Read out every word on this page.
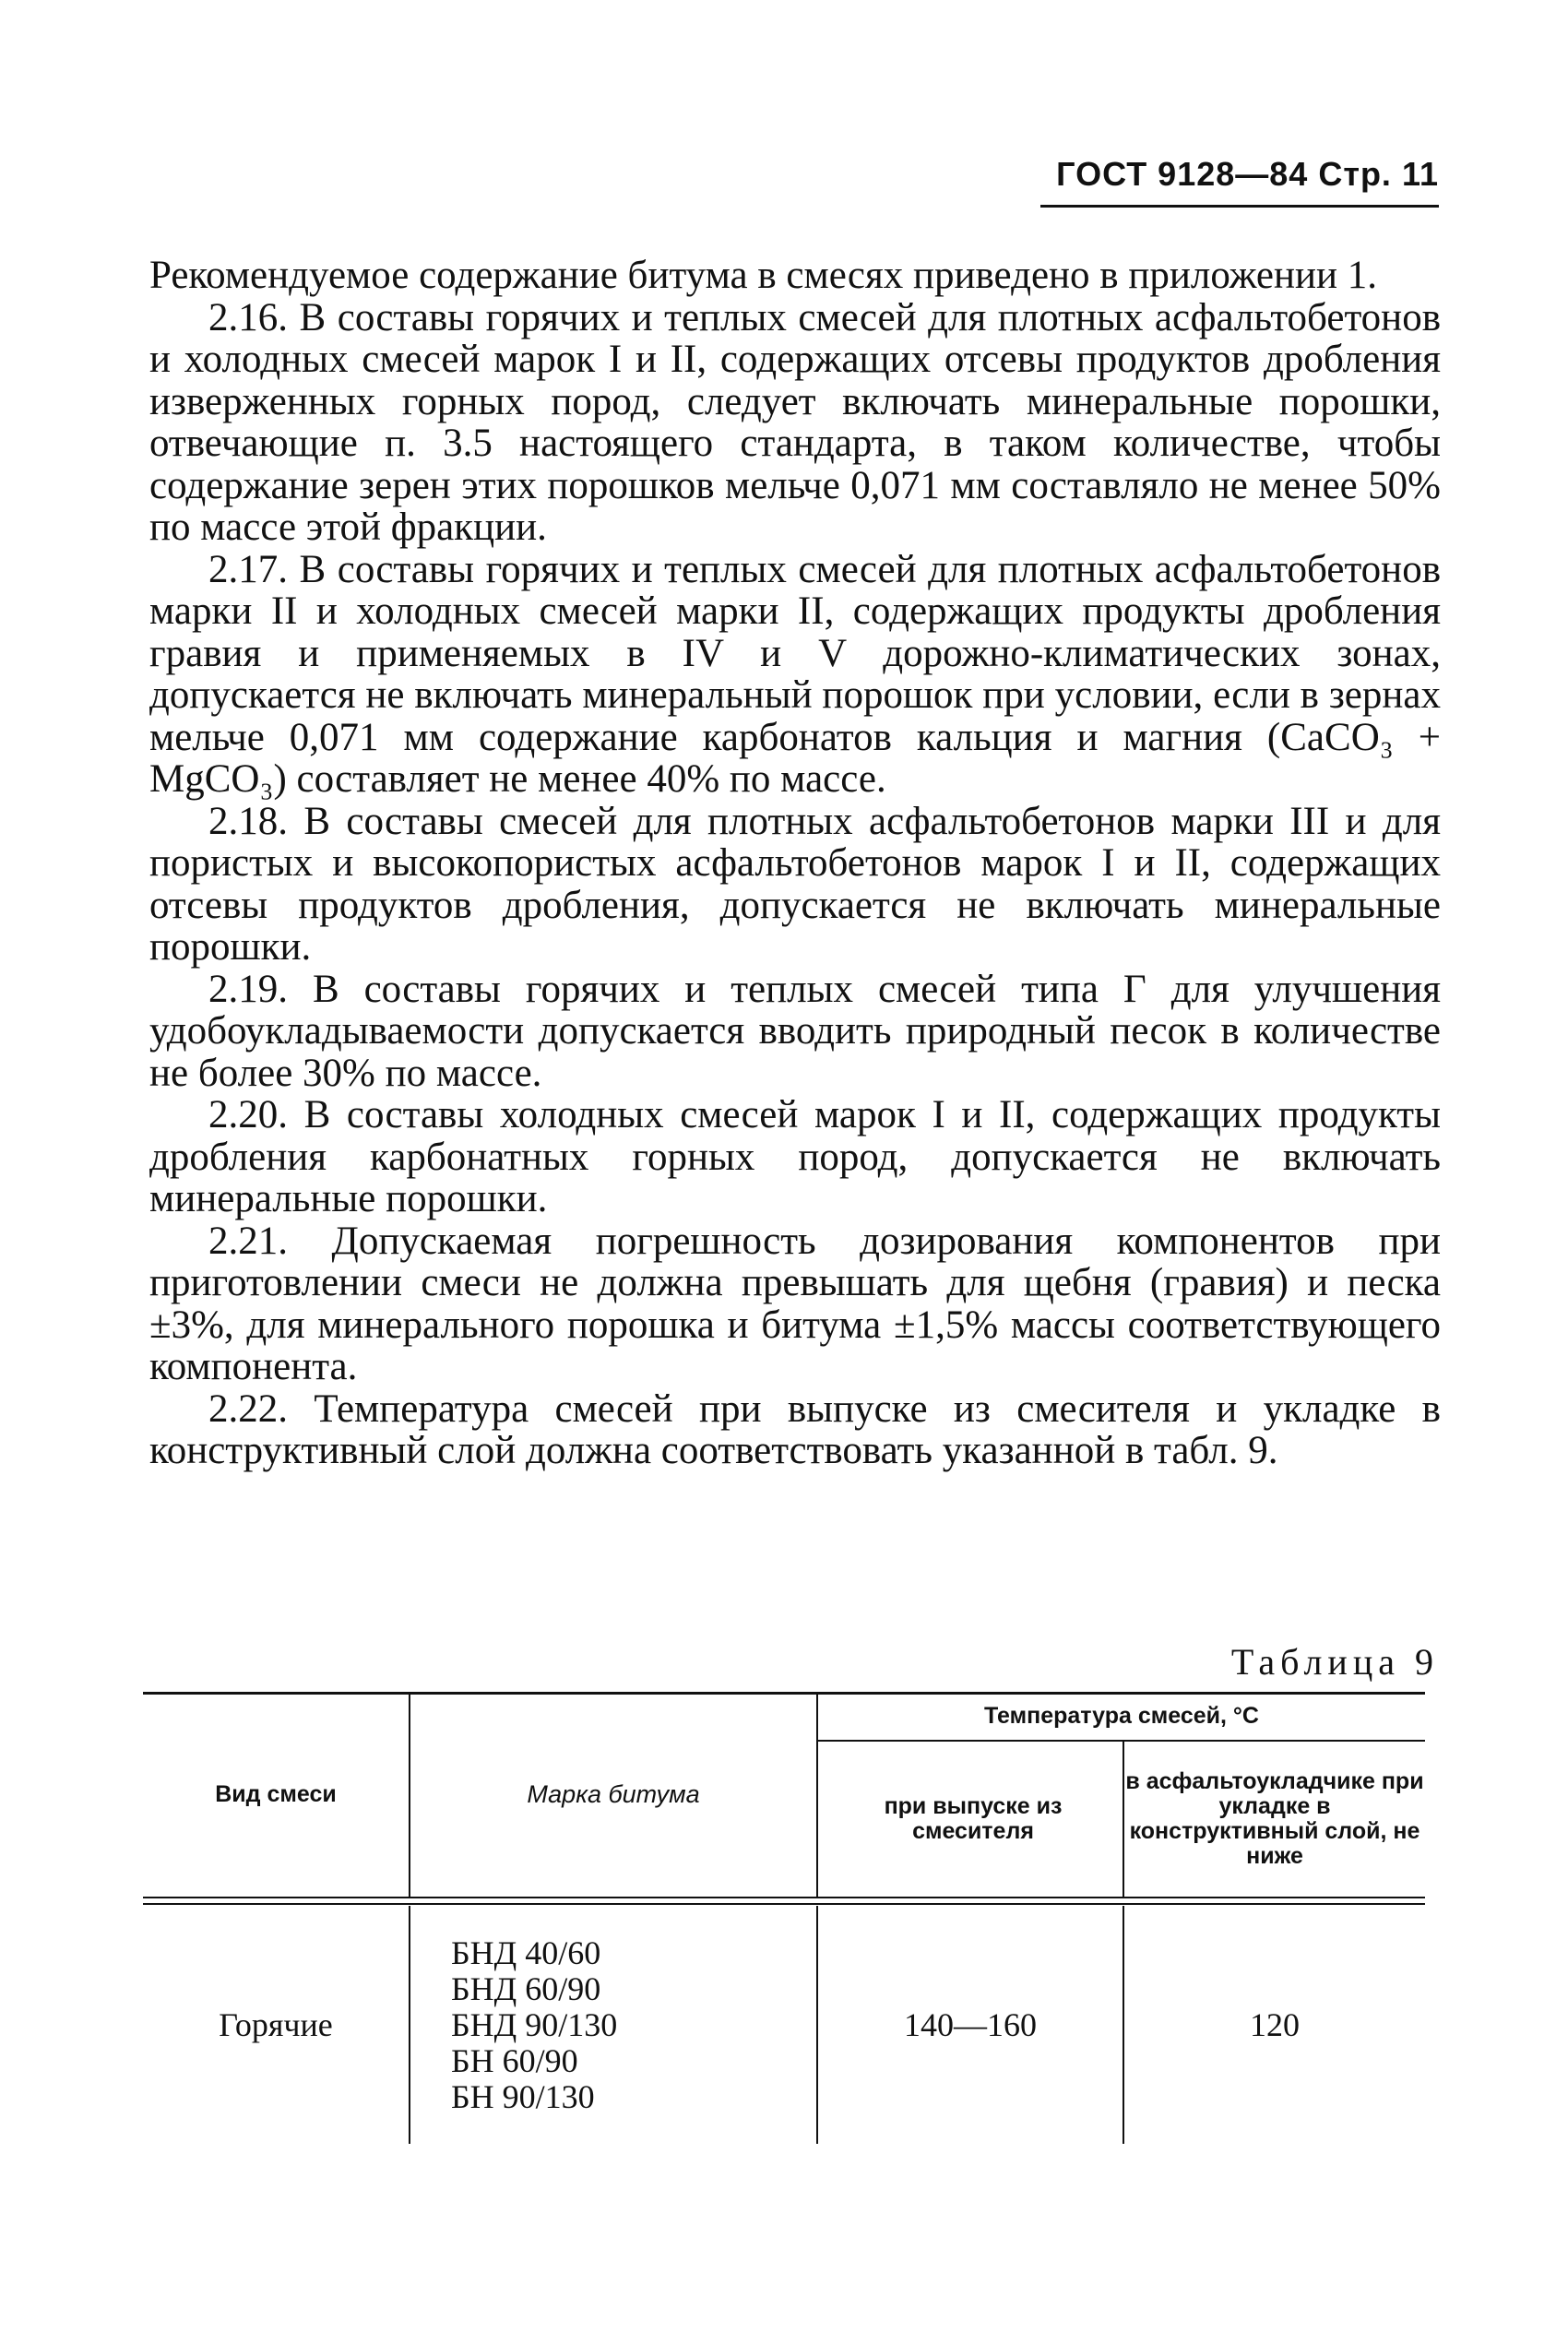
ГОСТ 9128—84 Стр. 11

Рекомендуемое содержание битума в смесях приведено в приложении 1.

2.16. В составы горячих и теплых смесей для плотных асфальтобетонов и холодных смесей марок I и II, содержащих отсевы продуктов дробления изверженных горных пород, следует включать минеральные порошки, отвечающие п. 3.5 настоящего стандарта, в таком количестве, чтобы содержание зерен этих порошков мельче 0,071 мм составляло не менее 50% по массе этой фракции.

2.17. В составы горячих и теплых смесей для плотных асфальтобетонов марки II и холодных смесей марки II, содержащих продукты дробления гравия и применяемых в IV и V дорожно-климатических зонах, допускается не включать минеральный порошок при условии, если в зернах мельче 0,071 мм содержание карбонатов кальция и магния (CaCO₃ + MgCO₃) составляет не менее 40% по массе.

2.18. В составы смесей для плотных асфальтобетонов марки III и для пористых и высокопористых асфальтобетонов марок I и II, содержащих отсевы продуктов дробления, допускается не включать минеральные порошки.

2.19. В составы горячих и теплых смесей типа Г для улучшения удобоукладываемости допускается вводить природный песок в количестве не более 30% по массе.

2.20. В составы холодных смесей марок I и II, содержащих продукты дробления карбонатных горных пород, допускается не включать минеральные порошки.

2.21. Допускаемая погрешность дозирования компонентов при приготовлении смеси не должна превышать для щебня (гравия) и песка ±3%, для минерального порошка и битума ±1,5% массы соответствующего компонента.

2.22. Температура смесей при выпуске из смесителя и укладке в конструктивный слой должна соответствовать указанной в табл. 9.

Таблица 9
Вид смеси	Марка битума
Температура смесей, °С
при выпуске из смесителя
в асфальтоукладчике при укладке в конструктивный слой, не ниже
Горячие
БНД 40/60
БНД 60/90
БНД 90/130
БН 60/90
БН 90/130
140—160	120
